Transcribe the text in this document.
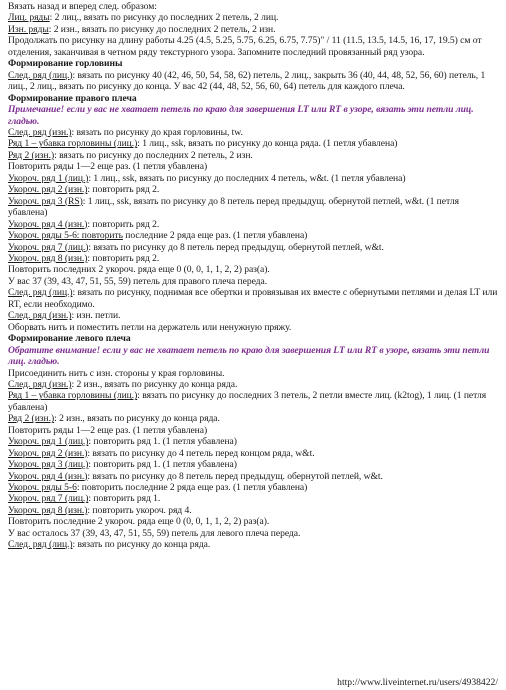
Вязать назад и вперед след. образом:
Лиц. ряды: 2 лиц., вязать по рисунку до последних 2 петель, 2 лиц.
Изн. ряды: 2 изн., вязать по рисунку до последних 2 петель, 2 изн.
Продолжать по рисунку на длину работы 4.25 (4.5, 5.25, 5.75, 6.25, 6.75, 7.75)" / 11 (11.5, 13.5, 14.5, 16, 17, 19.5) см от отделения, заканчивая в четном ряду текстурного узора. Запомните последний провязанный ряд узора.
Формирование горловины
След. ряд (лиц.): вязать по рисунку 40 (42, 46, 50, 54, 58, 62) петель, 2 лиц., закрыть 36 (40, 44, 48, 52, 56, 60) петель, 1 лиц., 2 лиц., вязать по рисунку до конца. У вас 42 (44, 48, 52, 56, 60, 64) петель для каждого плеча.
Формирование правого плеча
Примечание! если у вас не хватает петель по краю для завершения LT или RT в узоре, вязать эти петли лиц. гладью.
След. ряд (изн.): вязать по рисунку до края горловины, tw.
Ряд 1 – убавка горловины (лиц.): 1 лиц., ssk, вязать по рисунку до конца ряда. (1 петля убавлена)
Ряд 2 (изн.): вязать по рисунку до последних 2 петель, 2 изн.
Повторить ряды 1—2 еще раз. (1 петля убавлена)
Укороч. ряд 1 (лиц.): 1 лиц., ssk, вязать по рисунку до последних 4 петель, w&t. (1 петля убавлена)
Укороч. ряд 2 (изн.): повторить ряд 2.
Укороч. ряд 3 (RS): 1 лиц., ssk, вязать по рисунку до 8 петель перед предыдущ. обернутой петлей, w&t. (1 петля убавлена)
Укороч. ряд 4 (изн.): повторить ряд 2.
Укороч. ряды 5-6: повторить последние 2 ряда еще раз. (1 петля убавлена)
Укороч. ряд 7 (лиц.): вязать по рисунку до 8 петель перед предыдущ. обернутой петлей, w&t.
Укороч. ряд 8 (изн.): повторить ряд 2.
Повторить последних 2 укороч. ряда еще 0 (0, 0, 1, 1, 2, 2) раз(а).
У вас 37 (39, 43, 47, 51, 55, 59) петель для правого плеча переда.
След. ряд (лиц.): вязать по рисунку, поднимая все обертки и провязывая их вместе с обернутыми петлями и делая LT или RT, если необходимо.
След. ряд (изн.): изн. петли.
Оборвать нить и поместить петли на держатель или ненужную пряжу.
Формирование левого плеча
Обратите внимание! если у вас не хватает петель по краю для завершения LT или RT в узоре, вязать эти петли лиц. гладью.
Присоединить нить с изн. стороны у края горловины.
След. ряд (изн.): 2 изн., вязать по рисунку до конца ряда.
Ряд 1 – убавка горловины (лиц.): вязать по рисунку до последних 3 петель, 2 петли вместе лиц. (k2tog), 1 лиц. (1 петля убавлена)
Ряд 2 (изн.): 2 изн., вязать по рисунку до конца ряда.
Повторить ряды 1—2 еще раз. (1 петля убавлена)
Укороч. ряд 1 (лиц.): повторить ряд 1. (1 петля убавлена)
Укороч. ряд 2 (изн.): вязать по рисунку до 4 петель перед концом ряда, w&t.
Укороч. ряд 3 (лиц.): повторить ряд 1. (1 петля убавлена)
Укороч. ряд 4 (изн.): вязать по рисунку до 8 петель перед предыдущ. обернутой петлей, w&t.
Укороч. ряды 5-6: повторить последние 2 ряда еще раз. (1 петля убавлена)
Укороч. ряд 7 (лиц.): повторить ряд 1.
Укороч. ряд 8 (изн.): повторить укороч. ряд 4.
Повторить последние 2 укороч. ряда еще 0 (0, 0, 1, 1, 2, 2) раз(а).
У вас осталось 37 (39, 43, 47, 51, 55, 59) петель для левого плеча переда.
След. ряд (лиц.): вязать по рисунку до конца ряда.
http://www.liveinternet.ru/users/4938422/
